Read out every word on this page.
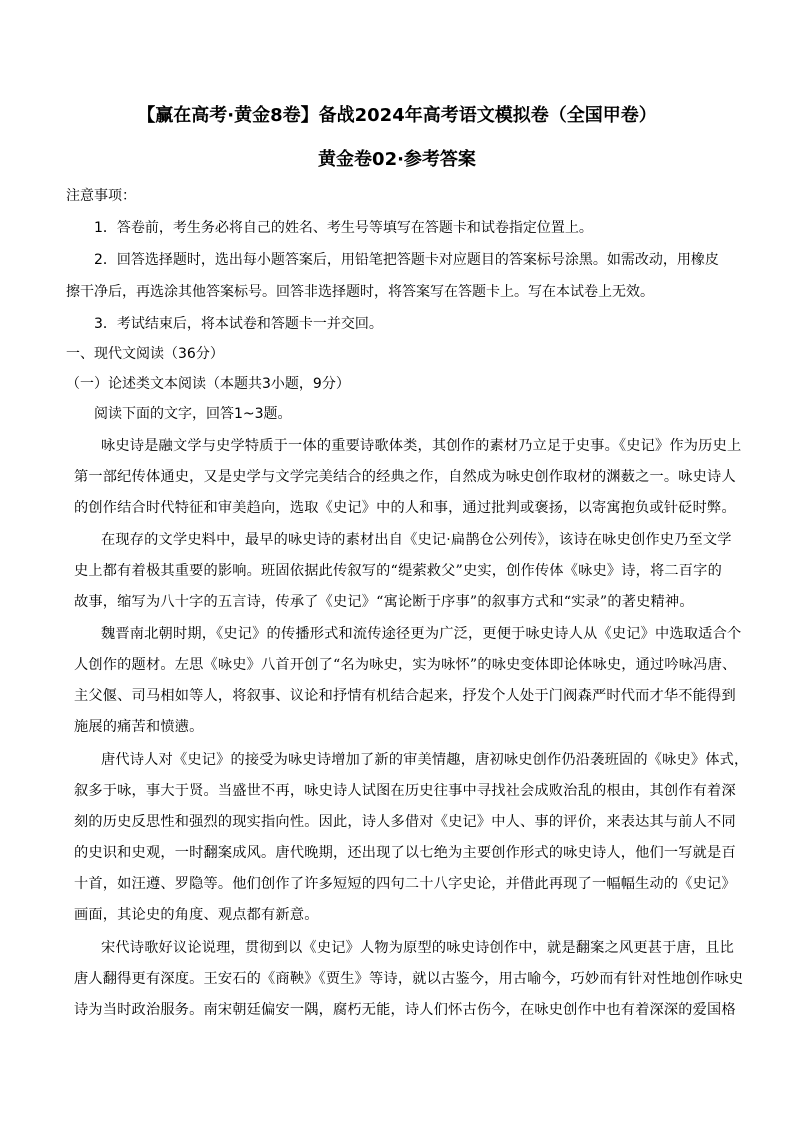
【赢在高考·黄金8卷】备战2024年高考语文模拟卷（全国甲卷）
黄金卷02·参考答案
注意事项：
1．答卷前，考生务必将自己的姓名、考生号等填写在答题卡和试卷指定位置上。
2．回答选择题时，选出每小题答案后，用铅笔把答题卡对应题目的答案标号涂黑。如需改动，用橡皮
擦干净后，再选涂其他答案标号。回答非选择题时，将答案写在答题卡上。写在本试卷上无效。
3．考试结束后，将本试卷和答题卡一并交回。
一、现代文阅读（36分）
（一）论述类文本阅读（本题共3小题，9分）
阅读下面的文字，回答1~3题。
咏史诗是融文学与史学特质于一体的重要诗歌体类，其创作的素材乃立足于史事。《史记》作为历史上
第一部纪传体通史，又是史学与文学完美结合的经典之作，自然成为咏史创作取材的渊薮之一。咏史诗人
的创作结合时代特征和审美趋向，选取《史记》中的人和事，通过批判或褒扬，以寄寓抱负或针砭时弊。
在现存的文学史料中，最早的咏史诗的素材出自《史记·扁鹊仓公列传》，该诗在咏史创作史乃至文学
史上都有着极其重要的影响。班固依据此传叙写的“缇萦救父”史实，创作传体《咏史》诗，将二百字的
故事，缩写为八十字的五言诗，传承了《史记》“寓论断于序事”的叙事方式和“实录”的著史精神。
魏晋南北朝时期，《史记》的传播形式和流传途径更为广泛，更便于咏史诗人从《史记》中选取适合个
人创作的题材。左思《咏史》八首开创了“名为咏史，实为咏怀”的咏史变体即论体咏史，通过吟咏冯唐、
主父偃、司马相如等人，将叙事、议论和抒情有机结合起来，抒发个人处于门阀森严时代而才华不能得到
施展的痛苦和愤懑。
唐代诗人对《史记》的接受为咏史诗增加了新的审美情趣，唐初咏史创作仍沿袭班固的《咏史》体式，
叙多于咏，事大于贤。当盛世不再，咏史诗人试图在历史往事中寻找社会成败治乱的根由，其创作有着深
刻的历史反思性和强烈的现实指向性。因此，诗人多借对《史记》中人、事的评价，来表达其与前人不同
的史识和史观，一时翻案成风。唐代晚期，还出现了以七绝为主要创作形式的咏史诗人，他们一写就是百
十首，如汪遵、罗隐等。他们创作了许多短短的四句二十八字史论，并借此再现了一幅幅生动的《史记》
画面，其论史的角度、观点都有新意。
宋代诗歌好议论说理，贯彻到以《史记》人物为原型的咏史诗创作中，就是翻案之风更甚于唐，且比
唐人翻得更有深度。王安石的《商鞅》《贾生》等诗，就以古鉴今，用古喻今，巧妙而有针对性地创作咏史
诗为当时政治服务。南宋朝廷偏安一隅，腐朽无能，诗人们怀古伤今，在咏史创作中也有着深深的爱国格
